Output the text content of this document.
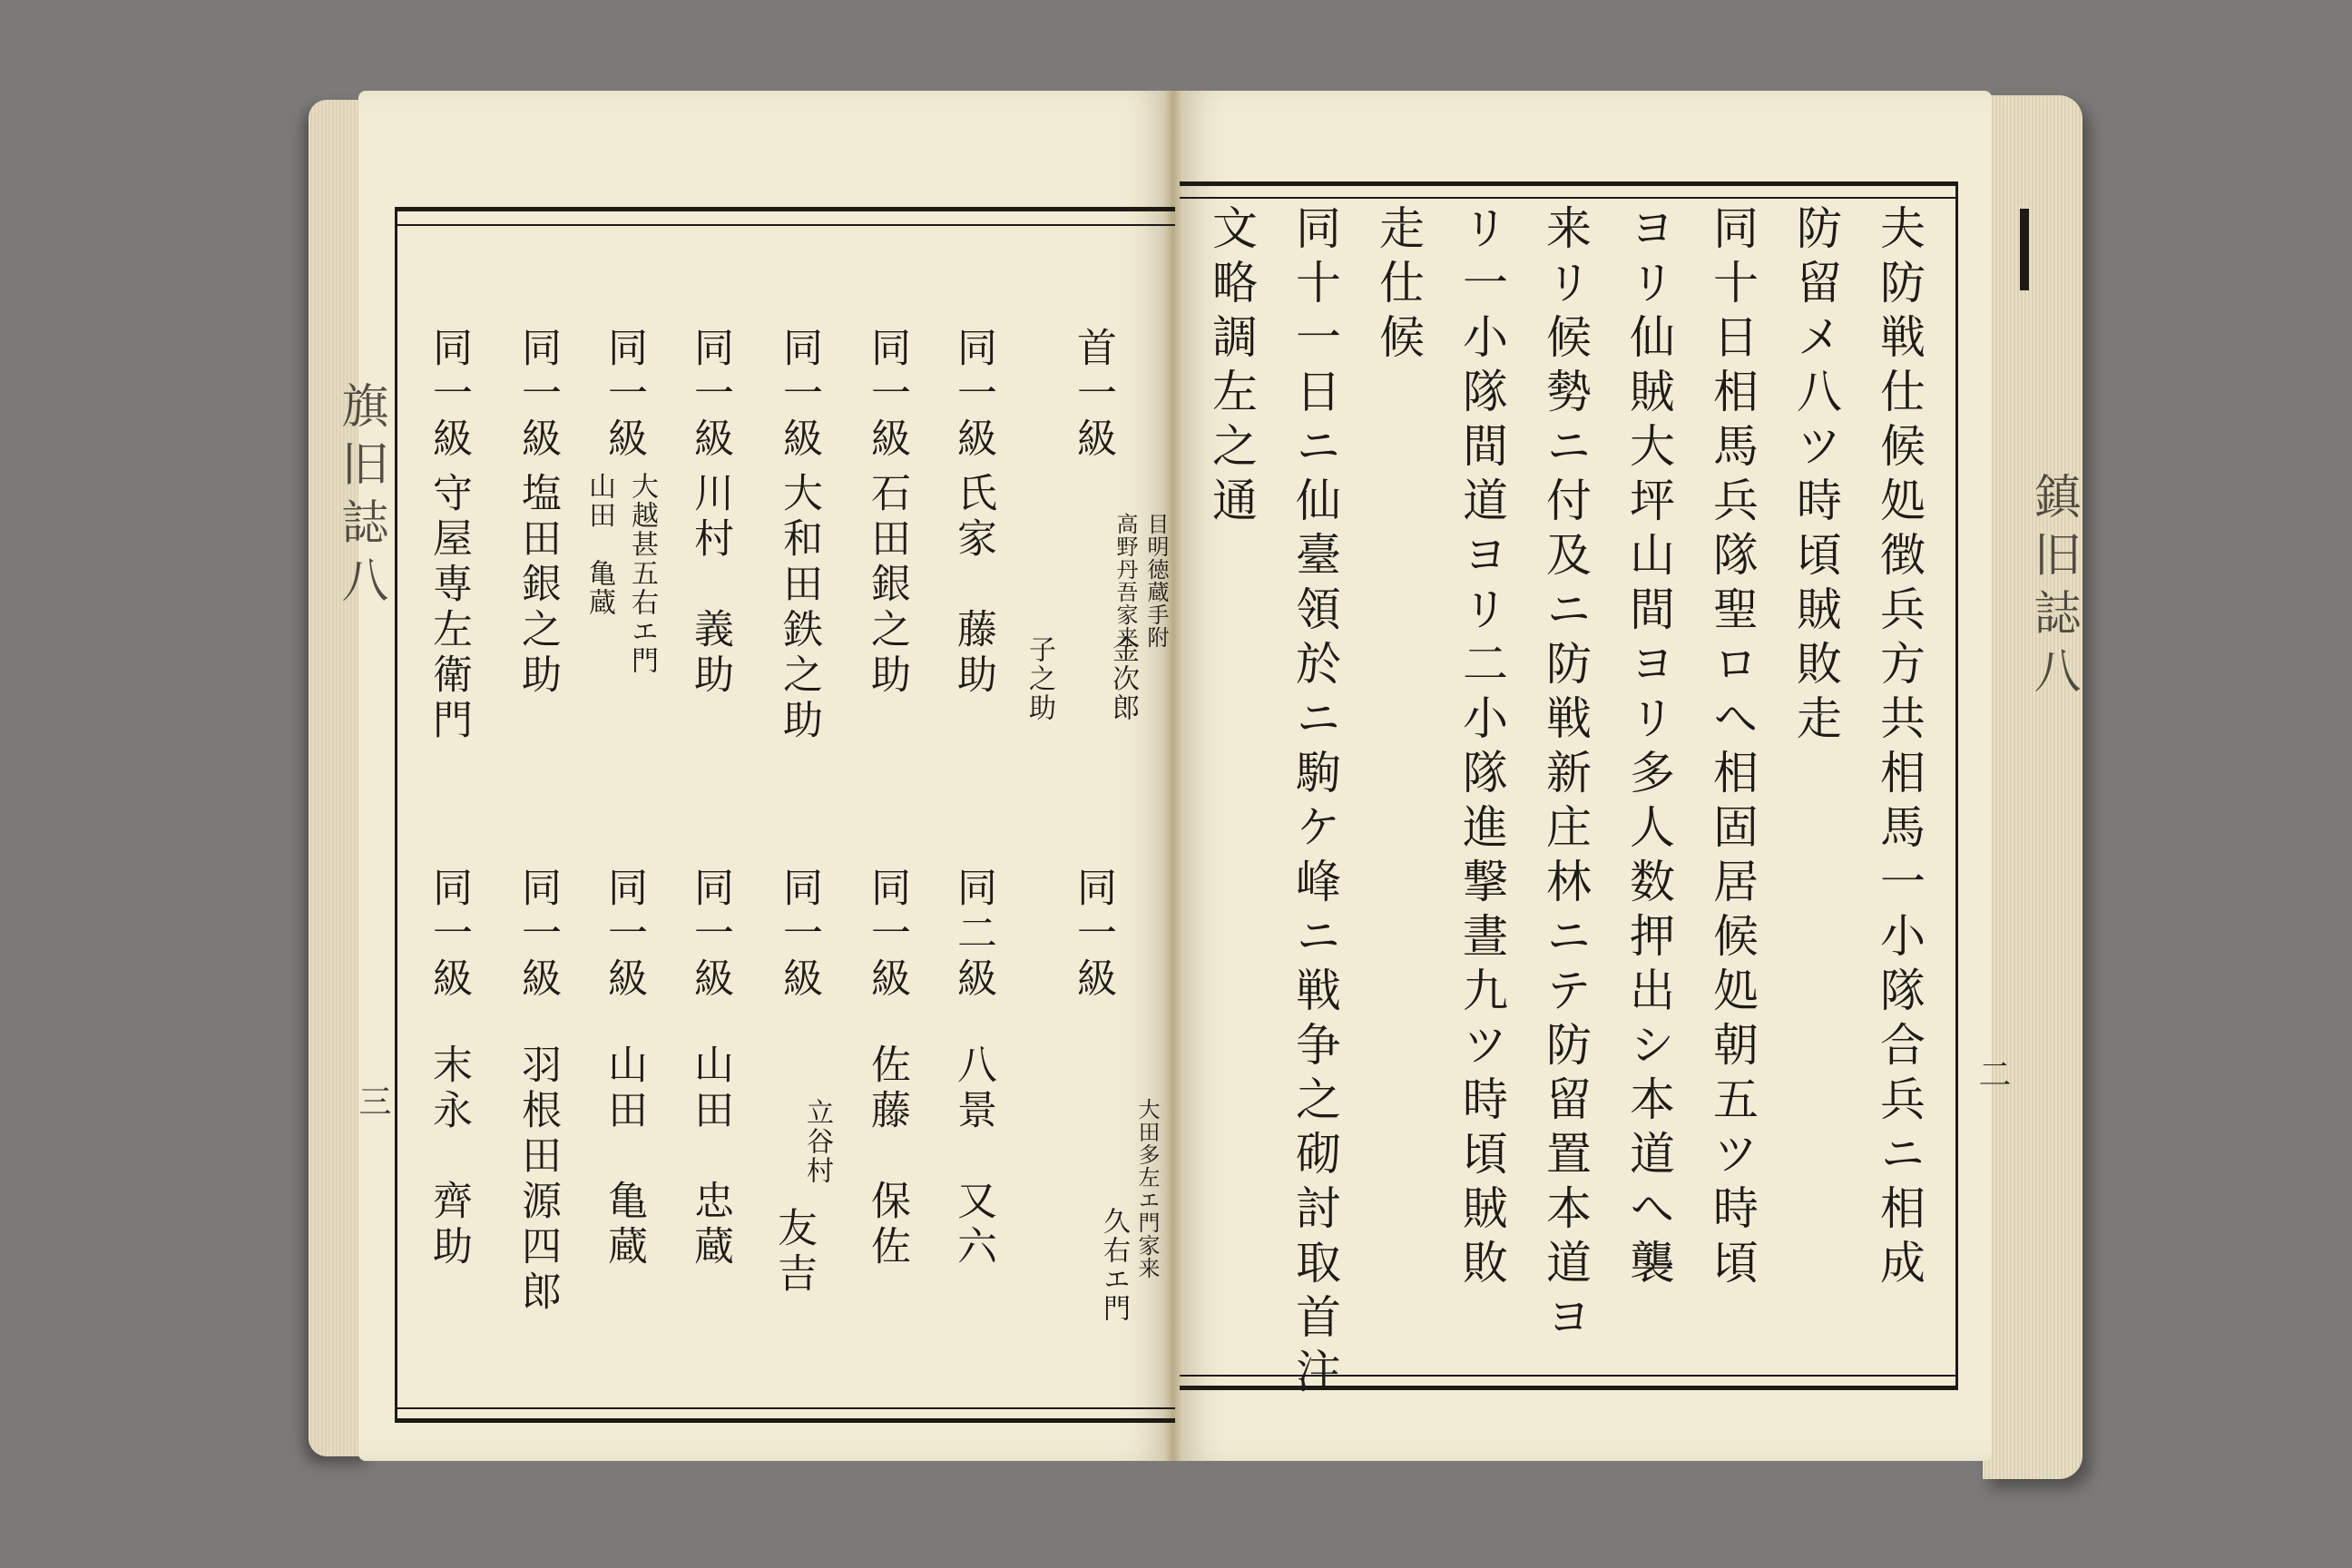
旗旧誌八
三
鎮旧誌八
二
首一級
目明徳蔵手附
高野丹吾家来
金次郎
子之助
同一級
氏家　藤助
同一級
石田銀之助
同一級
大和田鉄之助
同一級
川村　義助
同一級
大越甚五右エ門
山田　亀蔵
同一級
塩田銀之助
同一級
守屋専左衛門
同一級
大田多左エ門家来
久右エ門
同二級
八景　又六
同一級
佐藤　保佐
同一級
立谷村
友吉
同一級
山田　忠蔵
同一級
山田　亀蔵
同一級
羽根田源四郎
同一級
末永　齊助	夫防戦仕候処徴兵方共相馬一小隊合兵ニ相成
防留メ八ツ時頃賊敗走
同十日相馬兵隊聖ロへ相固居候処朝五ツ時頃
ヨリ仙賊大坪山間ヨリ多人数押出シ本道へ襲
来リ候勢ニ付及ニ防戦新庄林ニテ防留置本道ヨ
リ一小隊間道ヨリ二小隊進撃晝九ツ時頃賊敗
走仕候
同十一日ニ仙臺領於ニ駒ケ峰ニ戦争之砌討取首注
文略調左之通
